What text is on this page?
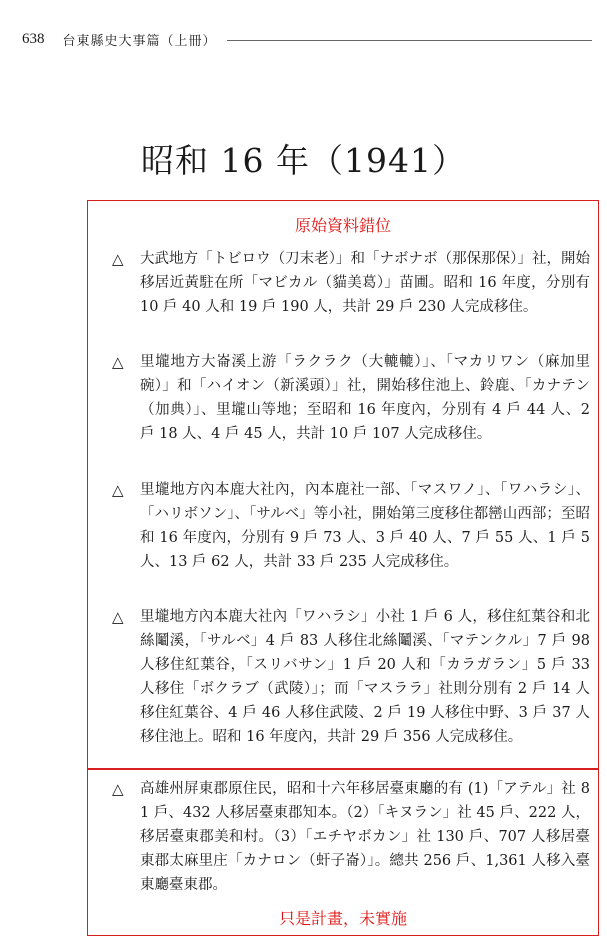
638 台東縣史大事篇（上冊）
昭和 16 年（1941）
原始資料錯位
只是計畫，未實施
△	大武地方「トビロウ（刀末老）」和「ナボナボ（那保那保）」社，開始移居近黃駐在所「マビカル（貓美葛）」苗圃。昭和 16 年度，分別有 10 戶 40 人和 19 戶 190 人，共計 29 戶 230 人完成移住。
△	里壠地方大崙溪上游「ラクラク（大轆轆）」、「マカリワン（麻加里碗）」和「ハイオン（新溪頭）」社，開始移住池上、鈴鹿、「カナテン（加典）」、里壠山等地；至昭和 16 年度內，分別有 4 戶 44 人、2 戶 18 人、4 戶 45 人，共計 10 戶 107 人完成移住。
△	里壠地方內本鹿大社內，內本鹿社一部、「マスワノ」、「ワハラシ」、「ハリボソン」、「サルベ」等小社，開始第三度移住都巒山西部；至昭和 16 年度內，分別有 9 戶 73 人、3 戶 40 人、7 戶 55 人、1 戶 5 人、13 戶 62 人，共計 33 戶 235 人完成移住。
△	里壠地方內本鹿大社內「ワハラシ」小社 1 戶 6 人，移住紅葉谷和北絲鬮溪，「サルベ」4 戶 83 人移住北絲鬮溪、「マテンクル」7 戶 98 人移住紅葉谷，「スリバサン」1 戶 20 人和「カラガラン」5 戶 33 人移住「ボクラブ（武陵）」；而「マスララ」社則分別有 2 戶 14 人移住紅葉谷、4 戶 46 人移住武陵、2 戶 19 人移住中野、3 戶 37 人移住池上。昭和 16 年度內，共計 29 戶 356 人完成移住。
△	高雄州屏東郡原住民，昭和十六年移居臺東廳的有 (1)「アテル」社 81 戶、432 人移居臺東郡知本。（2）「キヌラン」社 45 戶、222 人，移居臺東郡美和村。（3）「エチヤボカン」社 130 戶、707 人移居臺東郡太麻里庄「カナロン（虷子崙）」。總共 256 戶、1,361 人移入臺東廳臺東郡。
